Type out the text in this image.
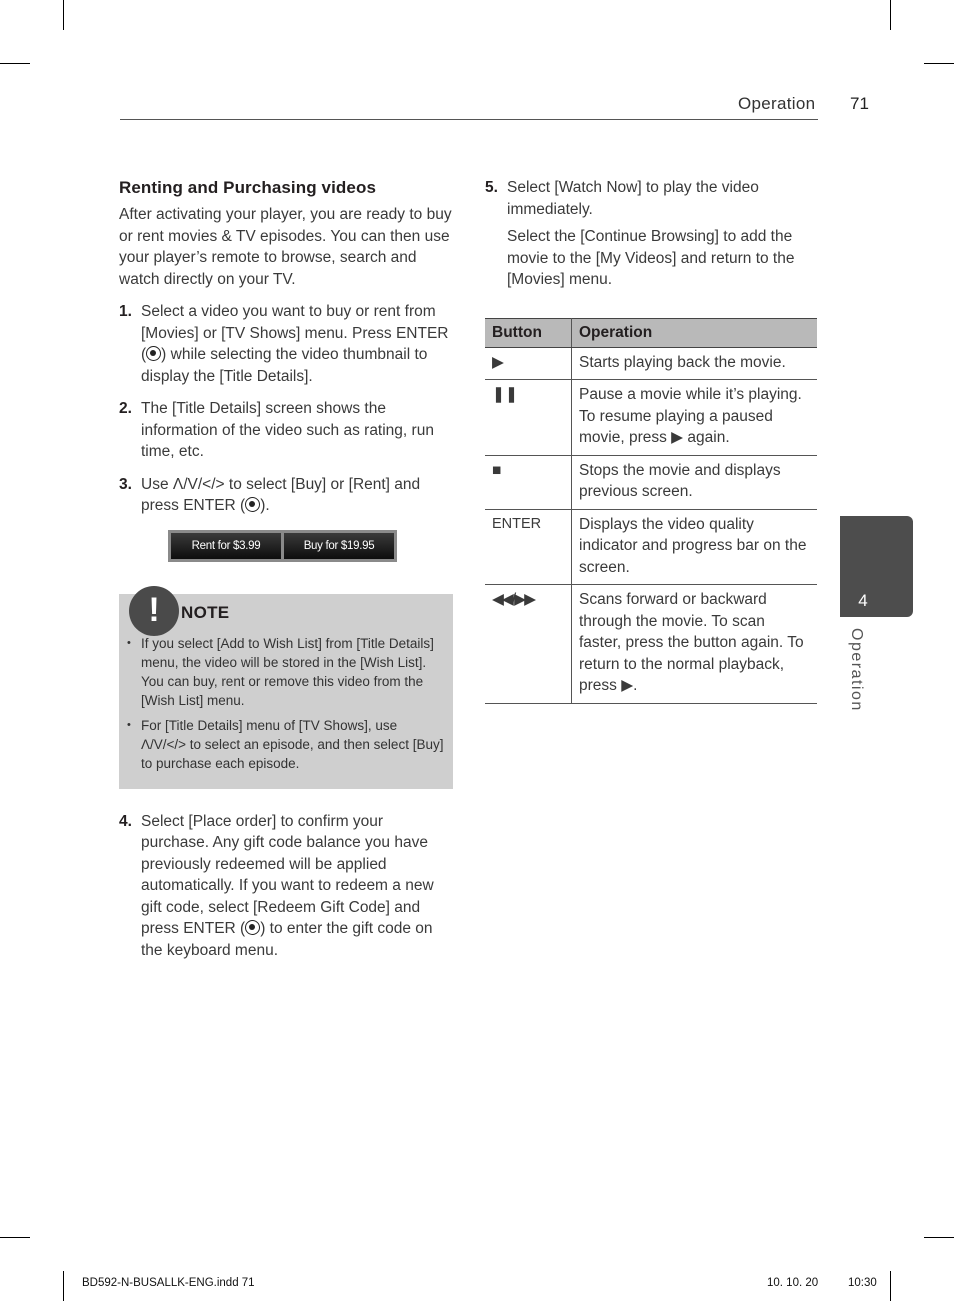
Operation 71
Renting and Purchasing videos

After activating your player, you are ready to buy or rent movies & TV episodes. You can then use your player’s remote to browse, search and watch directly on your TV.

1. Select a video you want to buy or rent from [Movies] or [TV Shows] menu. Press ENTER ( ) while selecting the video thumbnail to display the [Title Details].

2. The [Title Details] screen shows the information of the video such as rating, run time, etc.

3. Use Λ/V/</> to select [Buy] or [Rent] and press ENTER ( ).

Rent for $3.99	Buy for $19.95
!	NOTE
• If you select [Add to Wish List] from [Title Details] menu, the video will be stored in the [Wish List]. You can buy, rent or remove this video from the [Wish List] menu.
• For [Title Details] menu of [TV Shows], use Λ/V/</> to select an episode, and then select [Buy] to purchase each episode.
4. Select [Place order] to confirm your purchase. Any gift code balance you have previously redeemed will be applied automatically. If you want to redeem a new gift code, select [Redeem Gift Code] and press ENTER ( ) to enter the gift code on the keyboard menu.

5. Select [Watch Now] to play the video immediately.

Select the [Continue Browsing] to add the movie to the [My Videos] and return to the [Movies] menu.

Button	Operation
▶	Starts playing back the movie.
❚❚	Pause a movie while it’s playing. To resume playing a paused movie, press ▶ again.
■	Stops the movie and displays previous screen.
ENTER	Displays the video quality indicator and progress bar on the screen.
◀◀/▶▶	Scans forward or backward through the movie. To scan faster, press the button again. To return to the normal playback, press ▶.
4
Operation
BD592-N-BUSALLK-ENG.indd 71	10. 10. 20	10:30
